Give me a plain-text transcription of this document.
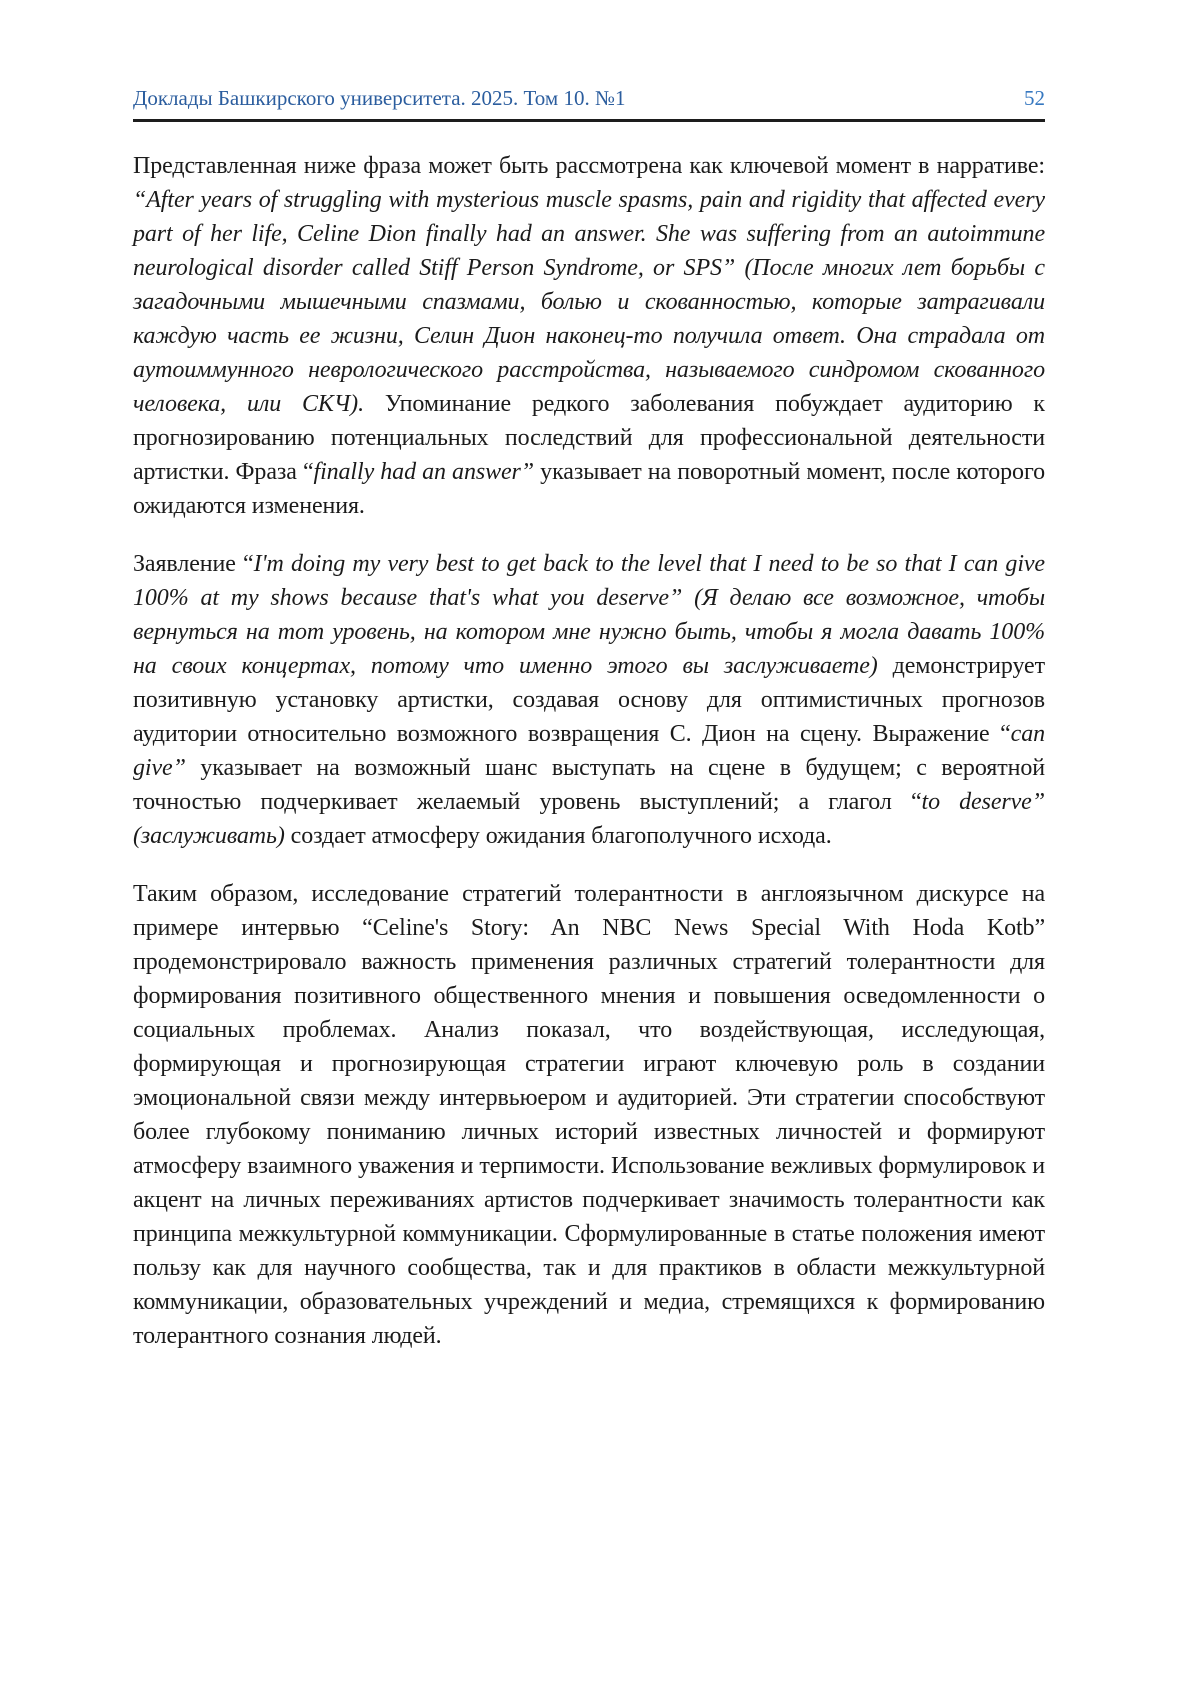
Доклады Башкирского университета. 2025. Том 10. №1	52

Представленная ниже фраза может быть рассмотрена как ключевой момент в нарративе: “After years of struggling with mysterious muscle spasms, pain and rigidity that affected every part of her life, Celine Dion finally had an answer. She was suffering from an autoimmune neurological disorder called Stiff Person Syndrome, or SPS” (После многих лет борьбы с загадочными мышечными спазмами, болью и скованностью, которые затрагивали каждую часть ее жизни, Селин Дион наконец-то получила ответ. Она страдала от аутоиммунного неврологического расстройства, называемого синдромом скованного человека, или СКЧ). Упоминание редкого заболевания побуждает аудиторию к прогнозированию потенциальных последствий для профессиональной деятельности артистки. Фраза “finally had an answer” указывает на поворотный момент, после которого ожидаются изменения.

Заявление “I'm doing my very best to get back to the level that I need to be so that I can give 100% at my shows because that's what you deserve” (Я делаю все возможное, чтобы вернуться на тот уровень, на котором мне нужно быть, чтобы я могла давать 100% на своих концертах, потому что именно этого вы заслуживаете) демонстрирует позитивную установку артистки, создавая основу для оптимистичных прогнозов аудитории относительно возможного возвращения С. Дион на сцену. Выражение “can give” указывает на возможный шанс выступать на сцене в будущем; с вероятной точностью подчеркивает желаемый уровень выступлений; а глагол “to deserve” (заслуживать) создает атмосферу ожидания благополучного исхода.

Таким образом, исследование стратегий толерантности в англоязычном дискурсе на примере интервью “Celine's Story: An NBC News Special With Hoda Kotb” продемонстрировало важность применения различных стратегий толерантности для формирования позитивного общественного мнения и повышения осведомленности о социальных проблемах. Анализ показал, что воздействующая, исследующая, формирующая и прогнозирующая стратегии играют ключевую роль в создании эмоциональной связи между интервьюером и аудиторией. Эти стратегии способствуют более глубокому пониманию личных историй известных личностей и формируют атмосферу взаимного уважения и терпимости. Использование вежливых формулировок и акцент на личных переживаниях артистов подчеркивает значимость толерантности как принципа межкультурной коммуникации. Сформулированные в статье положения имеют пользу как для научного сообщества, так и для практиков в области межкультурной коммуникации, образовательных учреждений и медиа, стремящихся к формированию толерантного сознания людей.
